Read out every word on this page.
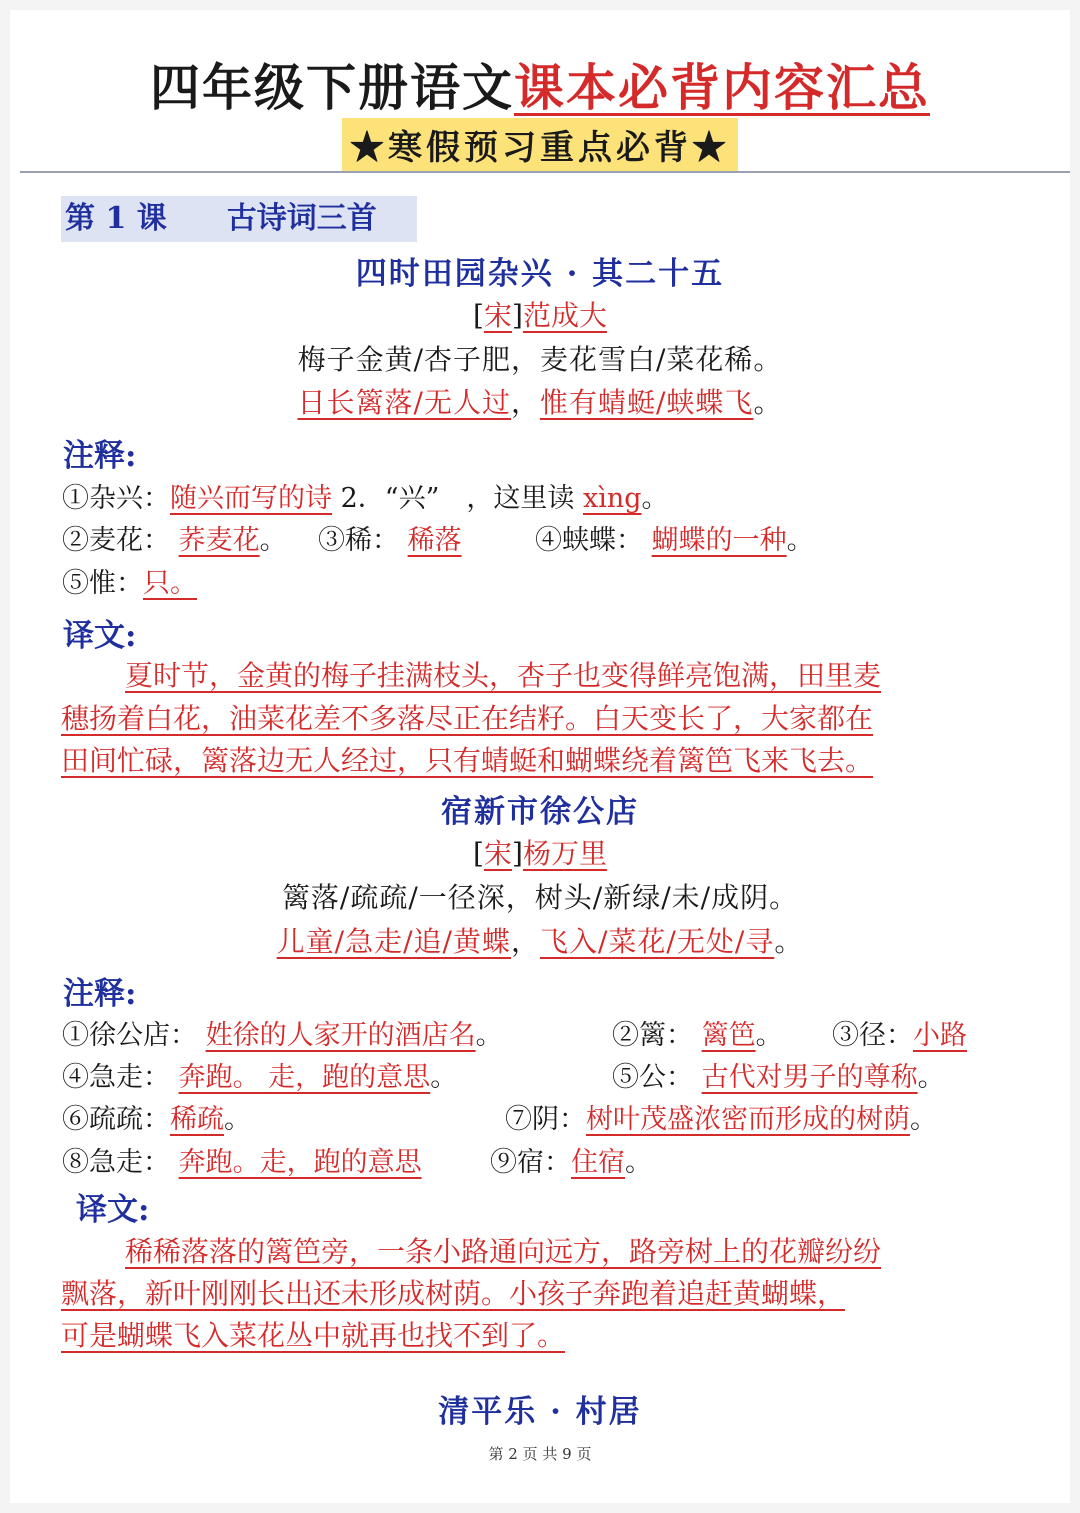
四年级下册语文课本必背内容汇总
★寒假预习重点必背★
第 1 课　　 古诗词三首
四时田园杂兴 · 其二十五
[宋]范成大
梅子金黄/杏子肥，麦花雪白/菜花稀。
日长篱落/无人过，惟有蜻蜓/蛱蝶飞。
注释:
①杂兴：随兴而写的诗 2．“兴”　，这里读 xìng。
②麦花： 荞麦花。 ③稀： 稀落	④蛱蝶： 蝴蝶的一种。
⑤惟：只。
译文:
夏时节，金黄的梅子挂满枝头，杏子也变得鲜亮饱满，田里麦
穗扬着白花，油菜花差不多落尽正在结籽。白天变长了，大家都在
田间忙碌，篱落边无人经过，只有蜻蜓和蝴蝶绕着篱笆飞来飞去。
宿新市徐公店
[宋]杨万里
篱落/疏疏/一径深，树头/新绿/未/成阴。
儿童/急走/追/黄蝶，飞入/菜花/无处/寻。
注释:
①徐公店： 姓徐的人家开的酒店名。	②篱： 篱笆。 ③径：小路
④急走： 奔跑。 走，跑的意思。	⑤公： 古代对男子的尊称。
⑥疏疏：稀疏。	⑦阴：树叶茂盛浓密而形成的树荫。
⑧急走： 奔跑。走，跑的意思	⑨宿：住宿。
译文:
稀稀落落的篱笆旁，一条小路通向远方，路旁树上的花瓣纷纷
飘落，新叶刚刚长出还未形成树荫。小孩子奔跑着追赶黄蝴蝶，
可是蝴蝶飞入菜花丛中就再也找不到了。
清平乐 · 村居
第 2 页 共 9 页
